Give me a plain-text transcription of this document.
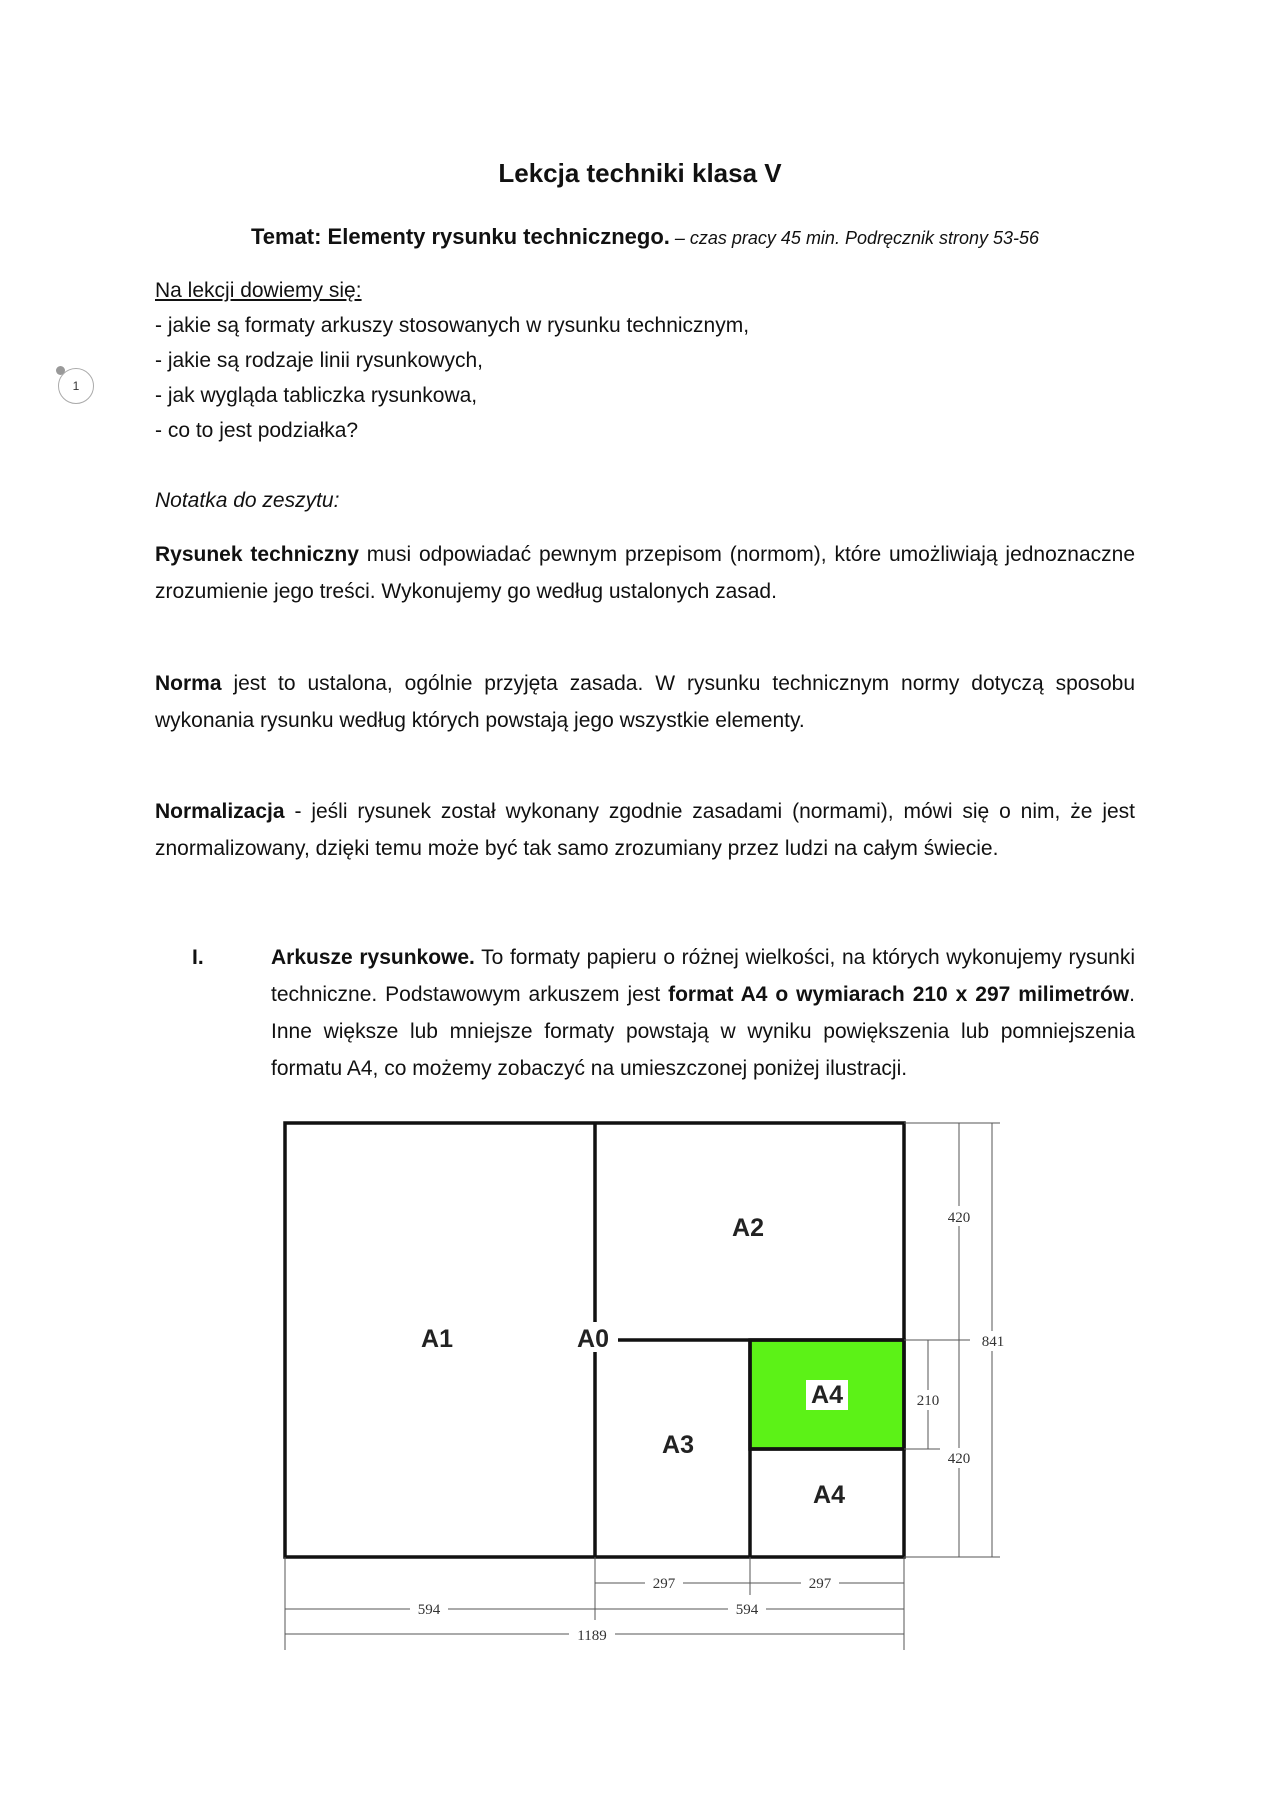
1
Lekcja techniki klasa V
Temat: Elementy rysunku technicznego. – czas pracy 45 min. Podręcznik strony 53-56
Na lekcji dowiemy się:
- jakie są formaty arkuszy stosowanych w rysunku technicznym,
- jakie są rodzaje linii rysunkowych,
- jak wygląda tabliczka rysunkowa,
- co to jest podziałka?
Notatka do zeszytu:
Rysunek techniczny musi odpowiadać pewnym przepisom (normom), które umożliwiają jednoznaczne zrozumienie jego treści. Wykonujemy go według ustalonych zasad.
Norma jest to ustalona, ogólnie przyjęta zasada. W rysunku technicznym normy dotyczą sposobu wykonania rysunku według których powstają jego wszystkie elementy.
Normalizacja - jeśli rysunek został wykonany zgodnie zasadami (normami), mówi się o nim, że jest znormalizowany, dzięki temu może być tak samo zrozumiany przez ludzi na całym świecie.
I.	Arkusze rysunkowe. To formaty papieru o różnej wielkości, na których wykonujemy rysunki techniczne. Podstawowym arkuszem jest format A4 o wymiarach 210 x 297 milimetrów. Inne większe lub mniejsze formaty powstają w wyniku powiększenia lub pomniejszenia formatu A4, co możemy zobaczyć na umieszczonej poniżej ilustracji.
A1	A0
A2
A3
A4
A4
420
841
210
420
297	297
594	594
1189
